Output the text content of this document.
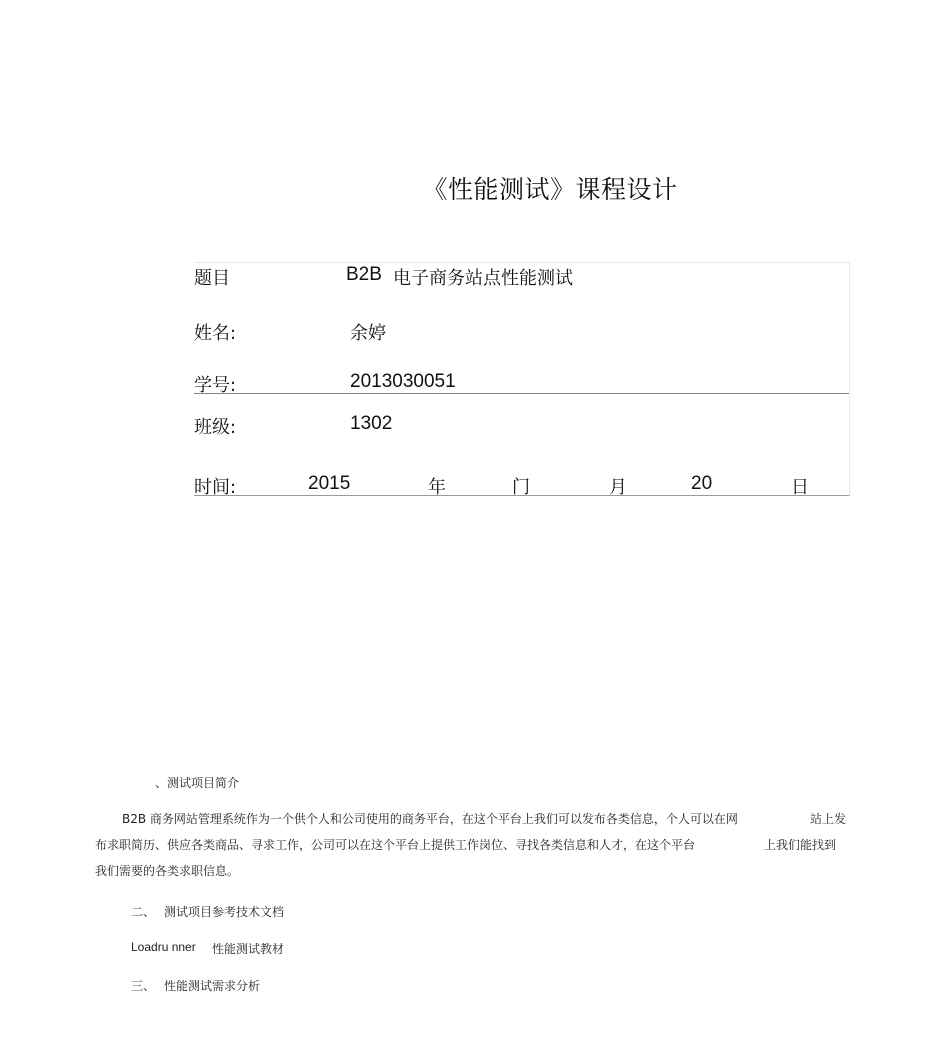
《性能测试》课程设计
题目	B2B 电子商务站点性能测试
姓名:	余婷
学号:	2013030051
班级:	1302
时间:	2015	年	门	月	20	日
、测试项目简介
B2B 商务网站管理系统作为一个供个人和公司使用的商务平台，在这个平台上我们可以发布各类信息，个人可以在网	站上发
布求职简历、供应各类商品、寻求工作，公司可以在这个平台上提供工作岗位、寻找各类信息和人才，在这个平台	上我们能找到
我们需要的各类求职信息。
二、 测试项目参考技术文档
Loadru nner 性能测试教材
三、 性能测试需求分析
